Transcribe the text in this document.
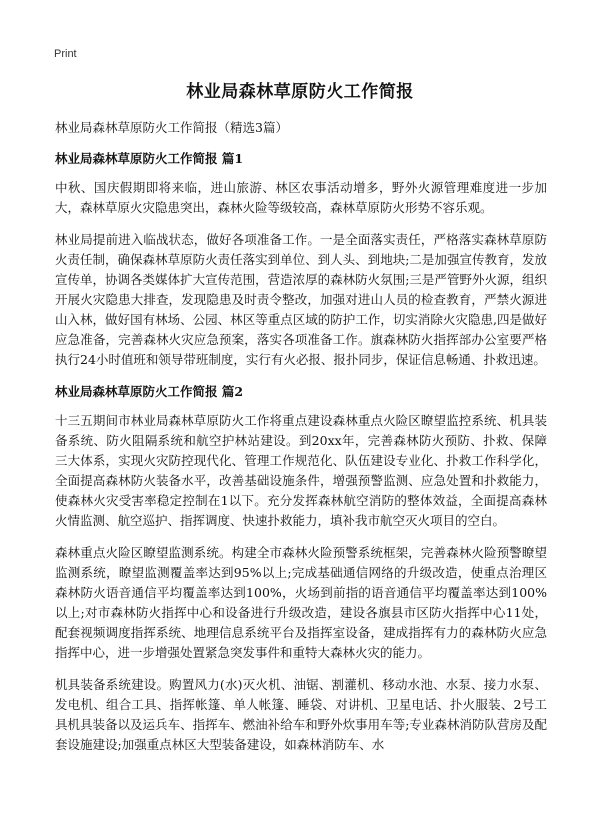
Print
林业局森林草原防火工作简报

林业局森林草原防火工作简报（精选3篇）

林业局森林草原防火工作简报 篇1

中秋、国庆假期即将来临，进山旅游、林区农事活动增多，野外火源管理难度进一步加大，森林草原火灾隐患突出，森林火险等级较高，森林草原防火形势不容乐观。

林业局提前进入临战状态，做好各项准备工作。一是全面落实责任，严格落实森林草原防火责任制，确保森林草原防火责任落实到单位、到人头、到地块;二是加强宣传教育，发放宣传单，协调各类媒体扩大宣传范围，营造浓厚的森林防火氛围;三是严管野外火源，组织开展火灾隐患大排查，发现隐患及时责令整改，加强对进山人员的检查教育，严禁火源进山入林，做好国有林场、公园、林区等重点区域的防护工作，切实消除火灾隐患,四是做好应急准备，完善森林火灾应急预案，落实各项准备工作。旗森林防火指挥部办公室要严格执行24小时值班和领导带班制度，实行有火必报、报扑同步，保证信息畅通、扑救迅速。

林业局森林草原防火工作简报 篇2

十三五期间市林业局森林草原防火工作将重点建设森林重点火险区瞭望监控系统、机具装备系统、防火阻隔系统和航空护林站建设。到20xx年，完善森林防火预防、扑救、保障三大体系，实现火灾防控现代化、管理工作规范化、队伍建设专业化、扑救工作科学化，全面提高森林防火装备水平，改善基础设施条件，增强预警监测、应急处置和扑救能力，使森林火灾受害率稳定控制在1以下。充分发挥森林航空消防的整体效益，全面提高森林火情监测、航空巡护、指挥调度、快速扑救能力，填补我市航空灭火项目的空白。

森林重点火险区瞭望监测系统。构建全市森林火险预警系统框架，完善森林火险预警瞭望监测系统，瞭望监测覆盖率达到95%以上;完成基础通信网络的升级改造，使重点治理区森林防火语音通信平均覆盖率达到100%，火场到前指的语音通信平均覆盖率达到100%以上;对市森林防火指挥中心和设备进行升级改造，建设各旗县市区防火指挥中心11处，配套视频调度指挥系统、地理信息系统平台及指挥室设备，建成指挥有力的森林防火应急指挥中心，进一步增强处置紧急突发事件和重特大森林火灾的能力。

机具装备系统建设。购置风力(水)灭火机、油锯、割灌机、移动水池、水泵、接力水泵、发电机、组合工具、指挥帐篷、单人帐篷、睡袋、对讲机、卫星电话、扑火服装、2号工具机具装备以及运兵车、指挥车、燃油补给车和野外炊事用车等;专业森林消防队营房及配套设施建设;加强重点林区大型装备建设，如森林消防车、水
